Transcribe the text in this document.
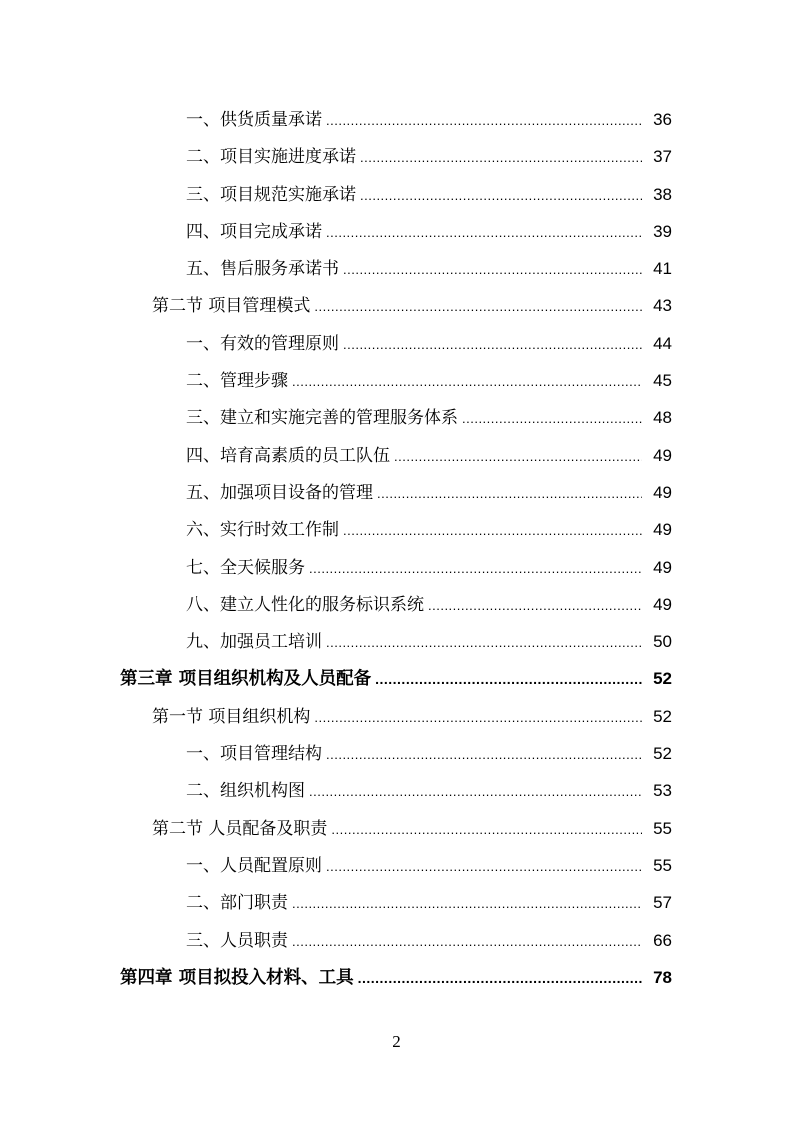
一、供货质量承诺 .....	36
二、项目实施进度承诺 .....	37
三、项目规范实施承诺 .....	38
四、项目完成承诺 .....	39
五、售后服务承诺书 .....	41
第二节 项目管理模式 .....	43
一、有效的管理原则 .....	44
二、管理步骤 .....	45
三、建立和实施完善的管理服务体系 .....	48
四、培育高素质的员工队伍 .....	49
五、加强项目设备的管理 .....	49
六、实行时效工作制 .....	49
七、全天候服务 .....	49
八、建立人性化的服务标识系统 .....	49
九、加强员工培训 .....	50
第三章 项目组织机构及人员配备 .....	52
第一节 项目组织机构 .....	52
一、项目管理结构 .....	52
二、组织机构图 .....	53
第二节 人员配备及职责 .....	55
一、人员配置原则 .....	55
二、部门职责 .....	57
三、人员职责 .....	66
第四章 项目拟投入材料、工具 .....	78
2
